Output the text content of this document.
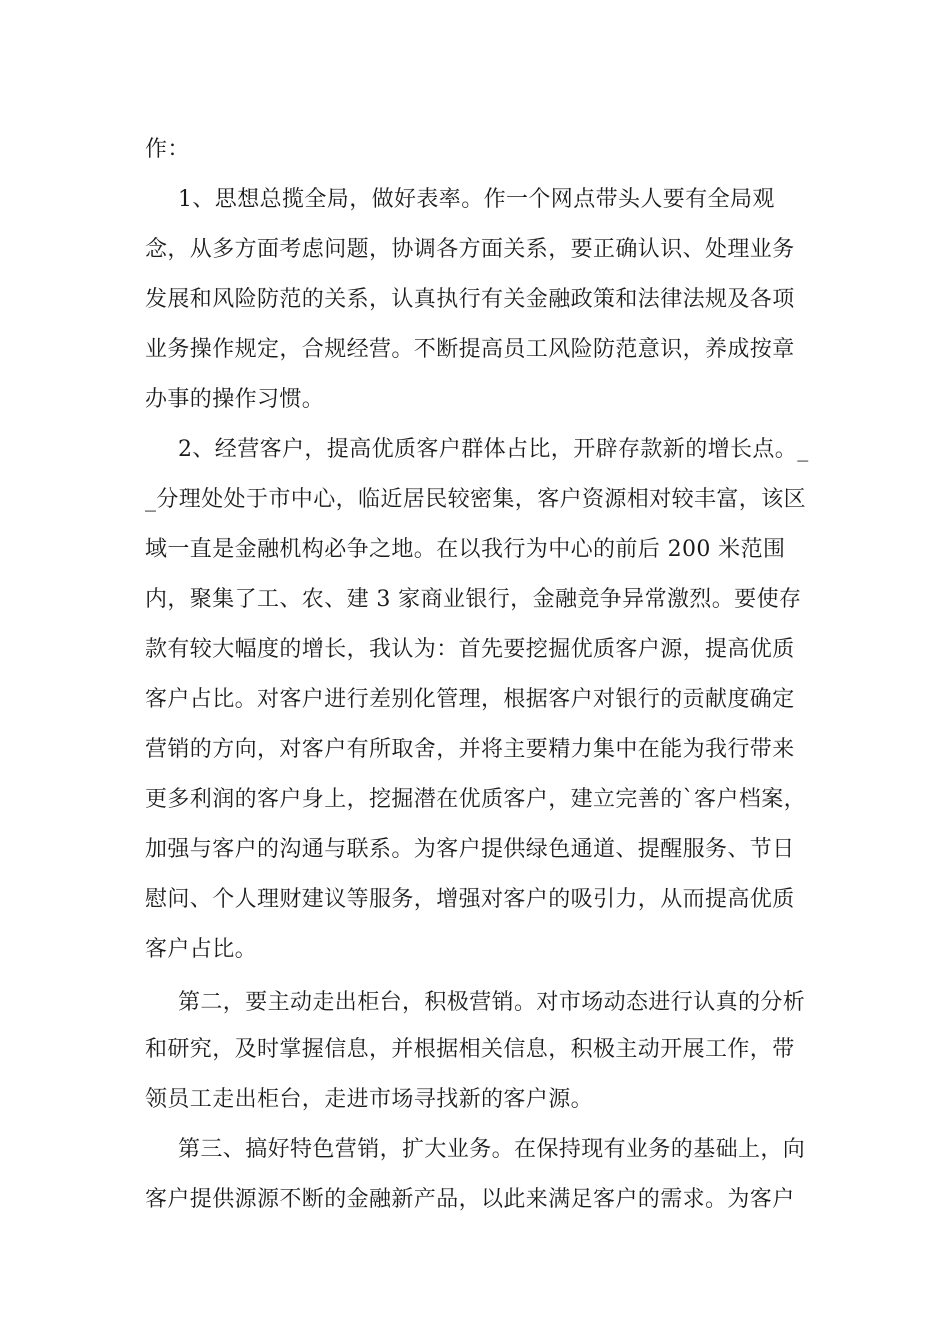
作：

1、思想总揽全局，做好表率。作一个网点带头人要有全局观

念，从多方面考虑问题，协调各方面关系，要正确认识、处理业务

发展和风险防范的关系，认真执行有关金融政策和法律法规及各项

业务操作规定，合规经营。不断提高员工风险防范意识，养成按章

办事的操作习惯。

2、经营客户，提高优质客户群体占比，开辟存款新的增长点。_

_分理处处于市中心，临近居民较密集，客户资源相对较丰富，该区

域一直是金融机构必争之地。在以我行为中心的前后 200 米范围

内，聚集了工、农、建 3 家商业银行，金融竞争异常激烈。要使存

款有较大幅度的增长，我认为：首先要挖掘优质客户源，提高优质

客户占比。对客户进行差别化管理，根据客户对银行的贡献度确定

营销的方向，对客户有所取舍，并将主要精力集中在能为我行带来

更多利润的客户身上，挖掘潜在优质客户，建立完善的`客户档案，

加强与客户的沟通与联系。为客户提供绿色通道、提醒服务、节日

慰问、个人理财建议等服务，增强对客户的吸引力，从而提高优质

客户占比。

第二，要主动走出柜台，积极营销。对市场动态进行认真的分析

和研究，及时掌握信息，并根据相关信息，积极主动开展工作，带

领员工走出柜台，走进市场寻找新的客户源。

第三、搞好特色营销，扩大业务。在保持现有业务的基础上，向

客户提供源源不断的金融新产品，以此来满足客户的需求。为客户
